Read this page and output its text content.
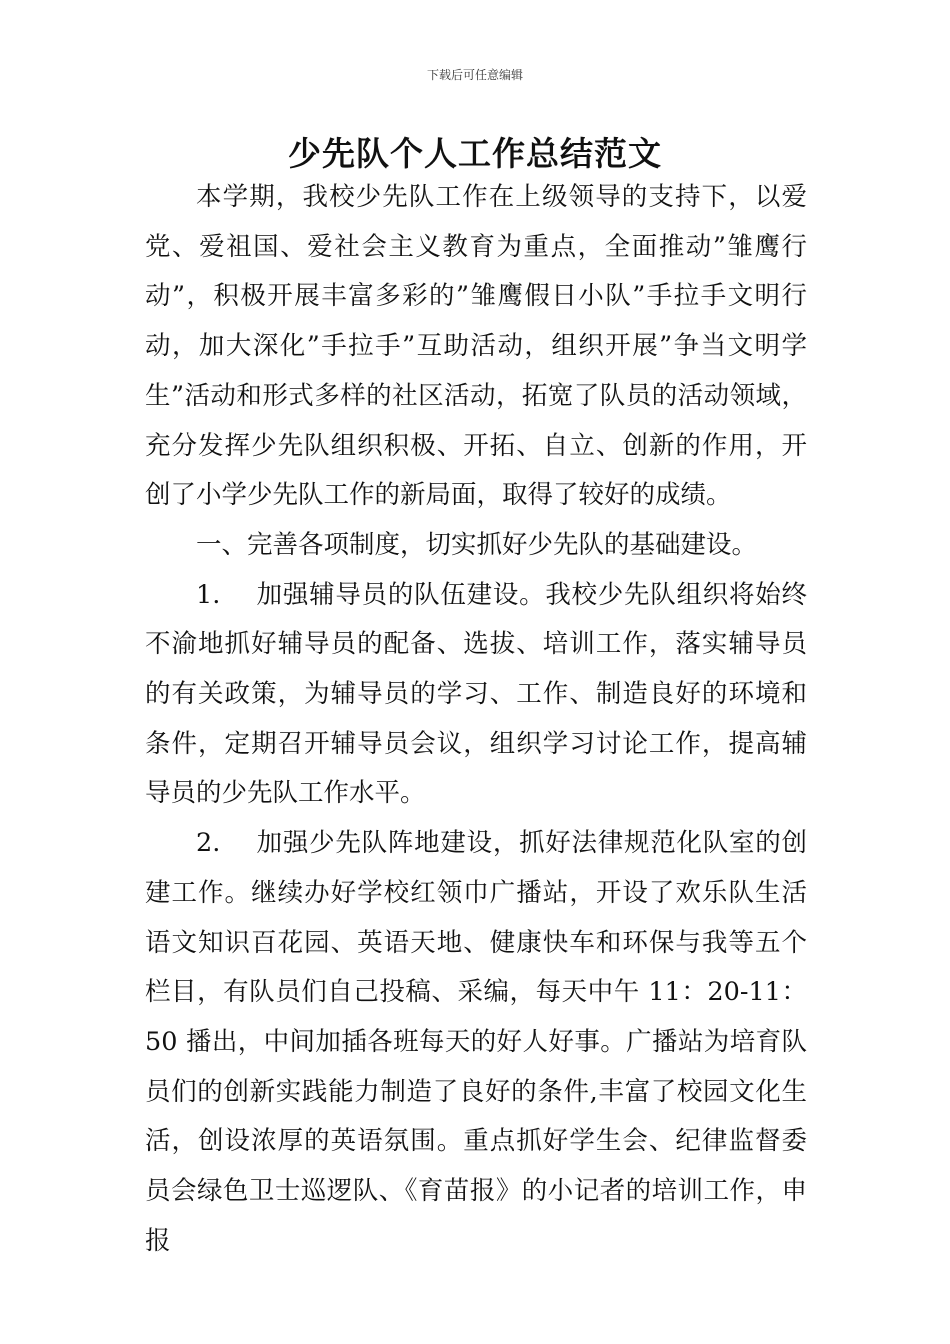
下载后可任意编辑
少先队个人工作总结范文

本学期，我校少先队工作在上级领导的支持下，以爱党、爱祖国、爱社会主义教育为重点，全面推动”雏鹰行动”，积极开展丰富多彩的”雏鹰假日小队”手拉手文明行动，加大深化”手拉手”互助活动，组织开展”争当文明学生”活动和形式多样的社区活动，拓宽了队员的活动领域，充分发挥少先队组织积极、开拓、自立、创新的作用，开创了小学少先队工作的新局面，取得了较好的成绩。

一、完善各项制度，切实抓好少先队的基础建设。

1. 加强辅导员的队伍建设。我校少先队组织将始终不渝地抓好辅导员的配备、选拔、培训工作，落实辅导员的有关政策，为辅导员的学习、工作、制造良好的环境和条件，定期召开辅导员会议，组织学习讨论工作，提高辅导员的少先队工作水平。

2. 加强少先队阵地建设，抓好法律规范化队室的创建工作。继续办好学校红领巾广播站，开设了欢乐队生活语文知识百花园、英语天地、健康快车和环保与我等五个栏目，有队员们自己投稿、采编，每天中午 11：20-11：50 播出，中间加插各班每天的好人好事。广播站为培育队员们的创新实践能力制造了良好的条件,丰富了校园文化生活，创设浓厚的英语氛围。重点抓好学生会、纪律监督委员会绿色卫士巡逻队、《育苗报》的小记者的培训工作，申报
